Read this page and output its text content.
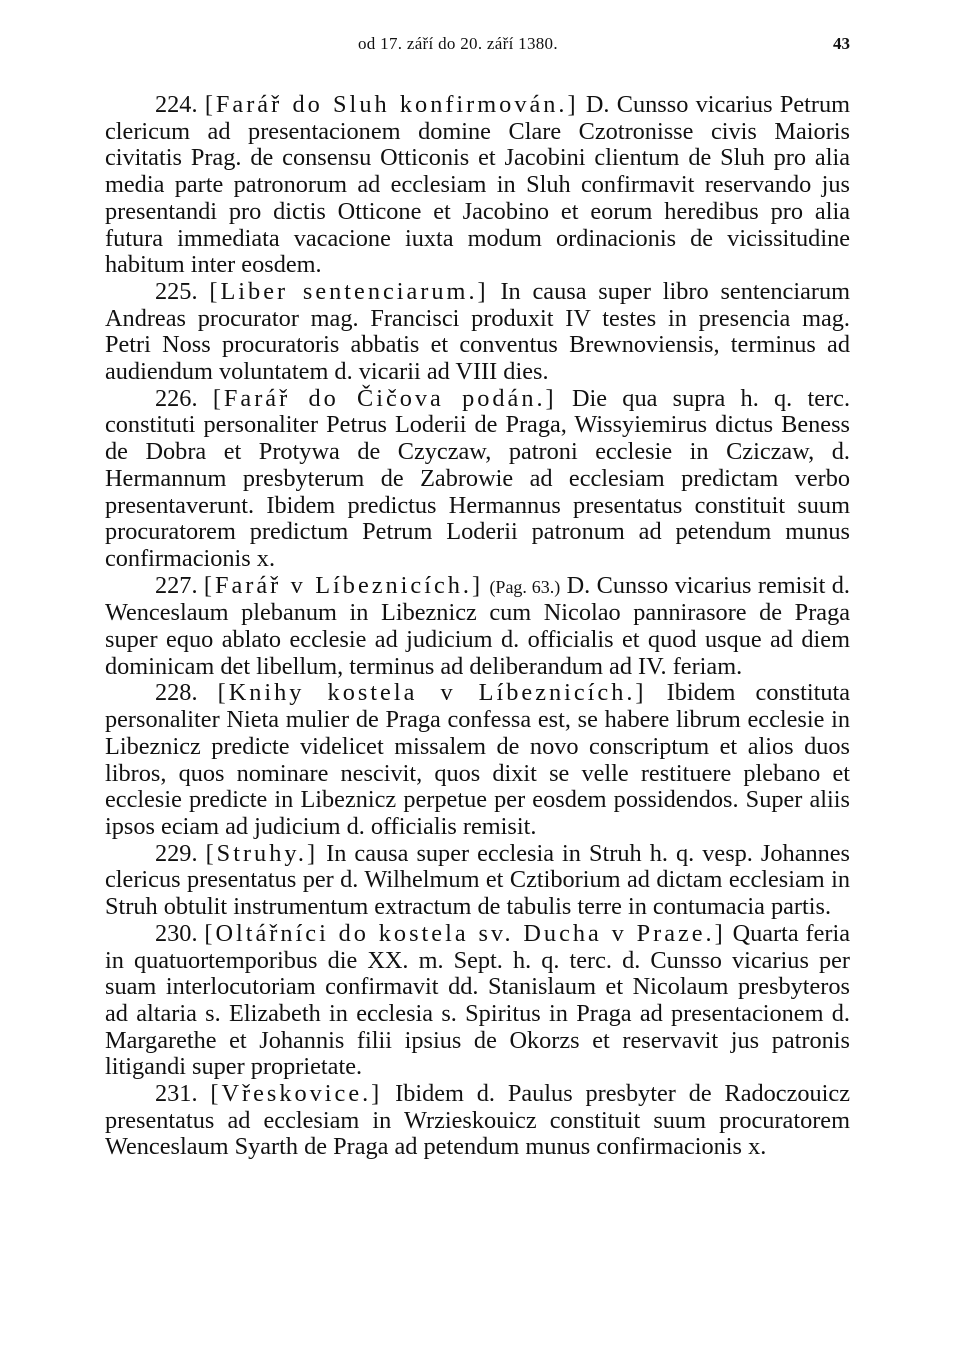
od 17. září do 20. září 1380.	43

224. [Farář do Sluh konfirmován.] D. Cunsso vicarius Petrum clericum ad presentacionem domine Clare Czotronisse civis Maioris civitatis Prag. de consensu Otticonis et Jacobini clientum de Sluh pro alia media parte patronorum ad ecclesiam in Sluh confirmavit reservando jus presentandi pro dictis Otticone et Jacobino et eorum heredibus pro alia futura immediata vacacione iuxta modum ordinacionis de vicissitudine habitum inter eosdem.

225. [Liber sentenciarum.] In causa super libro sentenciarum Andreas procurator mag. Francisci produxit IV testes in presencia mag. Petri Noss procuratoris abbatis et conventus Brewnoviensis, terminus ad audiendum voluntatem d. vicarii ad VIII dies.

226. [Farář do Čičova podán.] Die qua supra h. q. terc. constituti personaliter Petrus Loderii de Praga, Wissyiemirus dictus Beness de Dobra et Protywa de Czyczaw, patroni ecclesie in Cziczaw, d. Hermannum presbyterum de Zabrowie ad ecclesiam predictam verbo presentaverunt. Ibidem predictus Hermannus presentatus constituit suum procuratorem predictum Petrum Loderii patronum ad petendum munus confirmacionis x.

227. [Farář v Líbeznicích.] (Pag. 63.) D. Cunsso vicarius remisit d. Wenceslaum plebanum in Libeznicz cum Nicolao pannirasore de Praga super equo ablato ecclesie ad judicium d. officialis et quod usque ad diem dominicam det libellum, terminus ad deliberandum ad IV. feriam.

228. [Knihy kostela v Líbeznicích.] Ibidem constituta personaliter Nieta mulier de Praga confessa est, se habere librum ecclesie in Libeznicz predicte videlicet missalem de novo conscriptum et alios duos libros, quos nominare nescivit, quos dixit se velle restituere plebano et ecclesie predicte in Libeznicz perpetue per eosdem possidendos. Super aliis ipsos eciam ad judicium d. officialis remisit.

229. [Struhy.] In causa super ecclesia in Struh h. q. vesp. Johannes clericus presentatus per d. Wilhelmum et Cztiborium ad dictam ecclesiam in Struh obtulit instrumentum extractum de tabulis terre in contumacia partis.

230. [Oltářníci do kostela sv. Ducha v Praze.] Quarta feria in quatuortemporibus die XX. m. Sept. h. q. terc. d. Cunsso vicarius per suam interlocutoriam confirmavit dd. Stanislaum et Nicolaum presbyteros ad altaria s. Elizabeth in ecclesia s. Spiritus in Praga ad presentacionem d. Margarethe et Johannis filii ipsius de Okorzs et reservavit jus patronis litigandi super proprietate.

231. [Vřeskovice.] Ibidem d. Paulus presbyter de Radoczouicz presentatus ad ecclesiam in Wrzieskouicz constituit suum procuratorem Wenceslaum Syarth de Praga ad petendum munus confirmacionis x.
